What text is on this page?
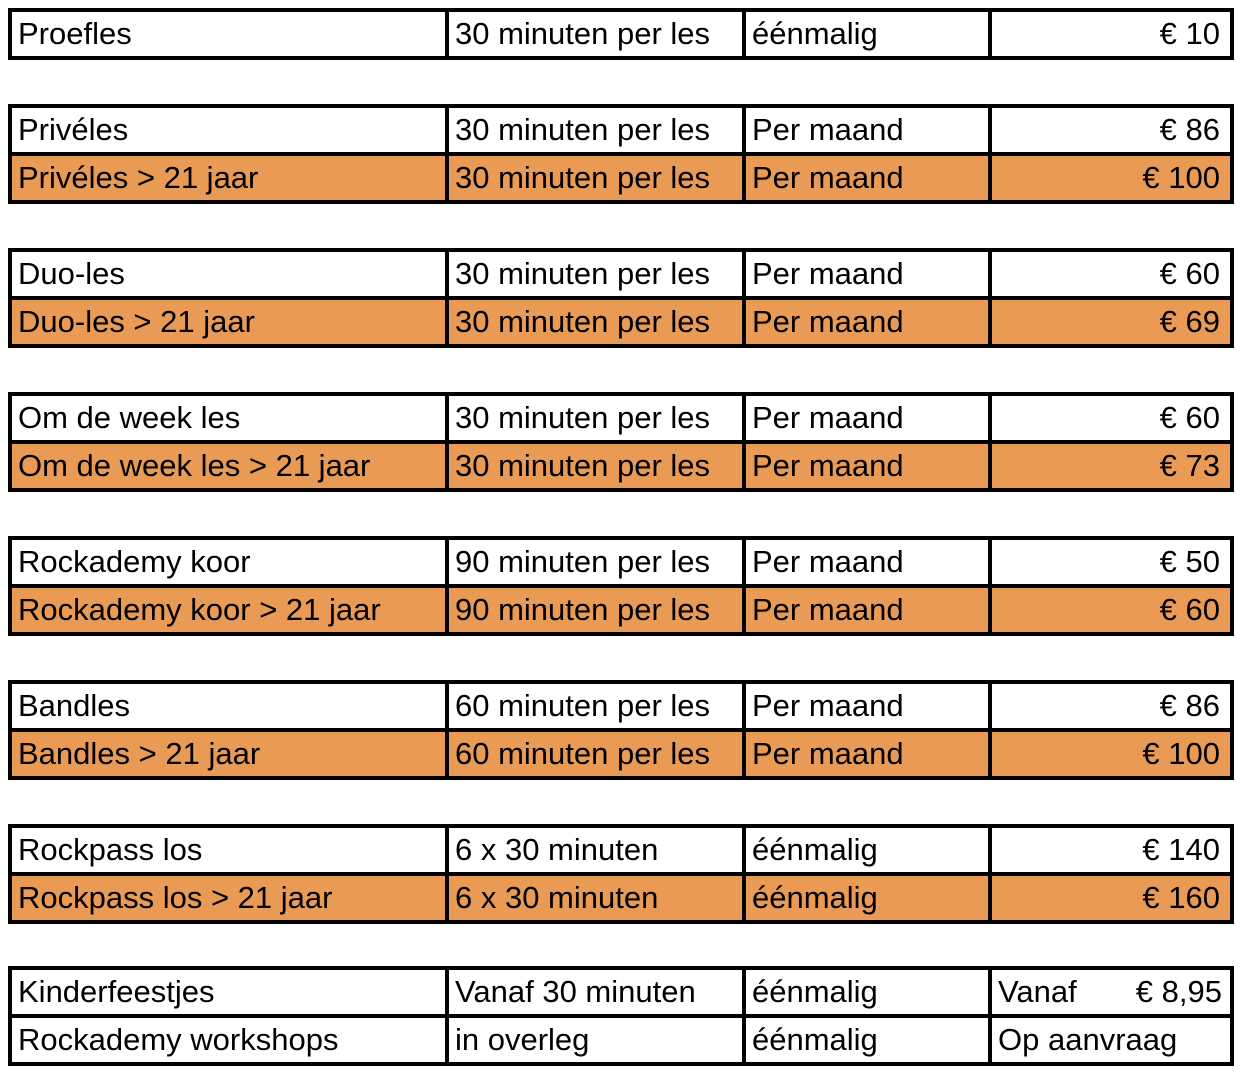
Proefles	30 minuten per les	éénmalig	€ 10
Privéles	30 minuten per les	Per maand	€ 86
Privéles > 21 jaar	30 minuten per les	Per maand	€ 100
Duo-les	30 minuten per les	Per maand	€ 60
Duo-les > 21 jaar	30 minuten per les	Per maand	€ 69
Om de week les	30 minuten per les	Per maand	€ 60
Om de week les > 21 jaar	30 minuten per les	Per maand	€ 73
Rockademy koor	90 minuten per les	Per maand	€ 50
Rockademy koor > 21 jaar	90 minuten per les	Per maand	€ 60
Bandles	60 minuten per les	Per maand	€ 86
Bandles > 21 jaar	60 minuten per les	Per maand	€ 100
Rockpass los	6 x 30 minuten	éénmalig	€ 140
Rockpass los > 21 jaar	6 x 30 minuten	éénmalig	€ 160
Kinderfeestjes	Vanaf 30 minuten	éénmalig	Vanaf € 8,95

Rockademy workshops	in overleg	éénmalig	Op aanvraag
